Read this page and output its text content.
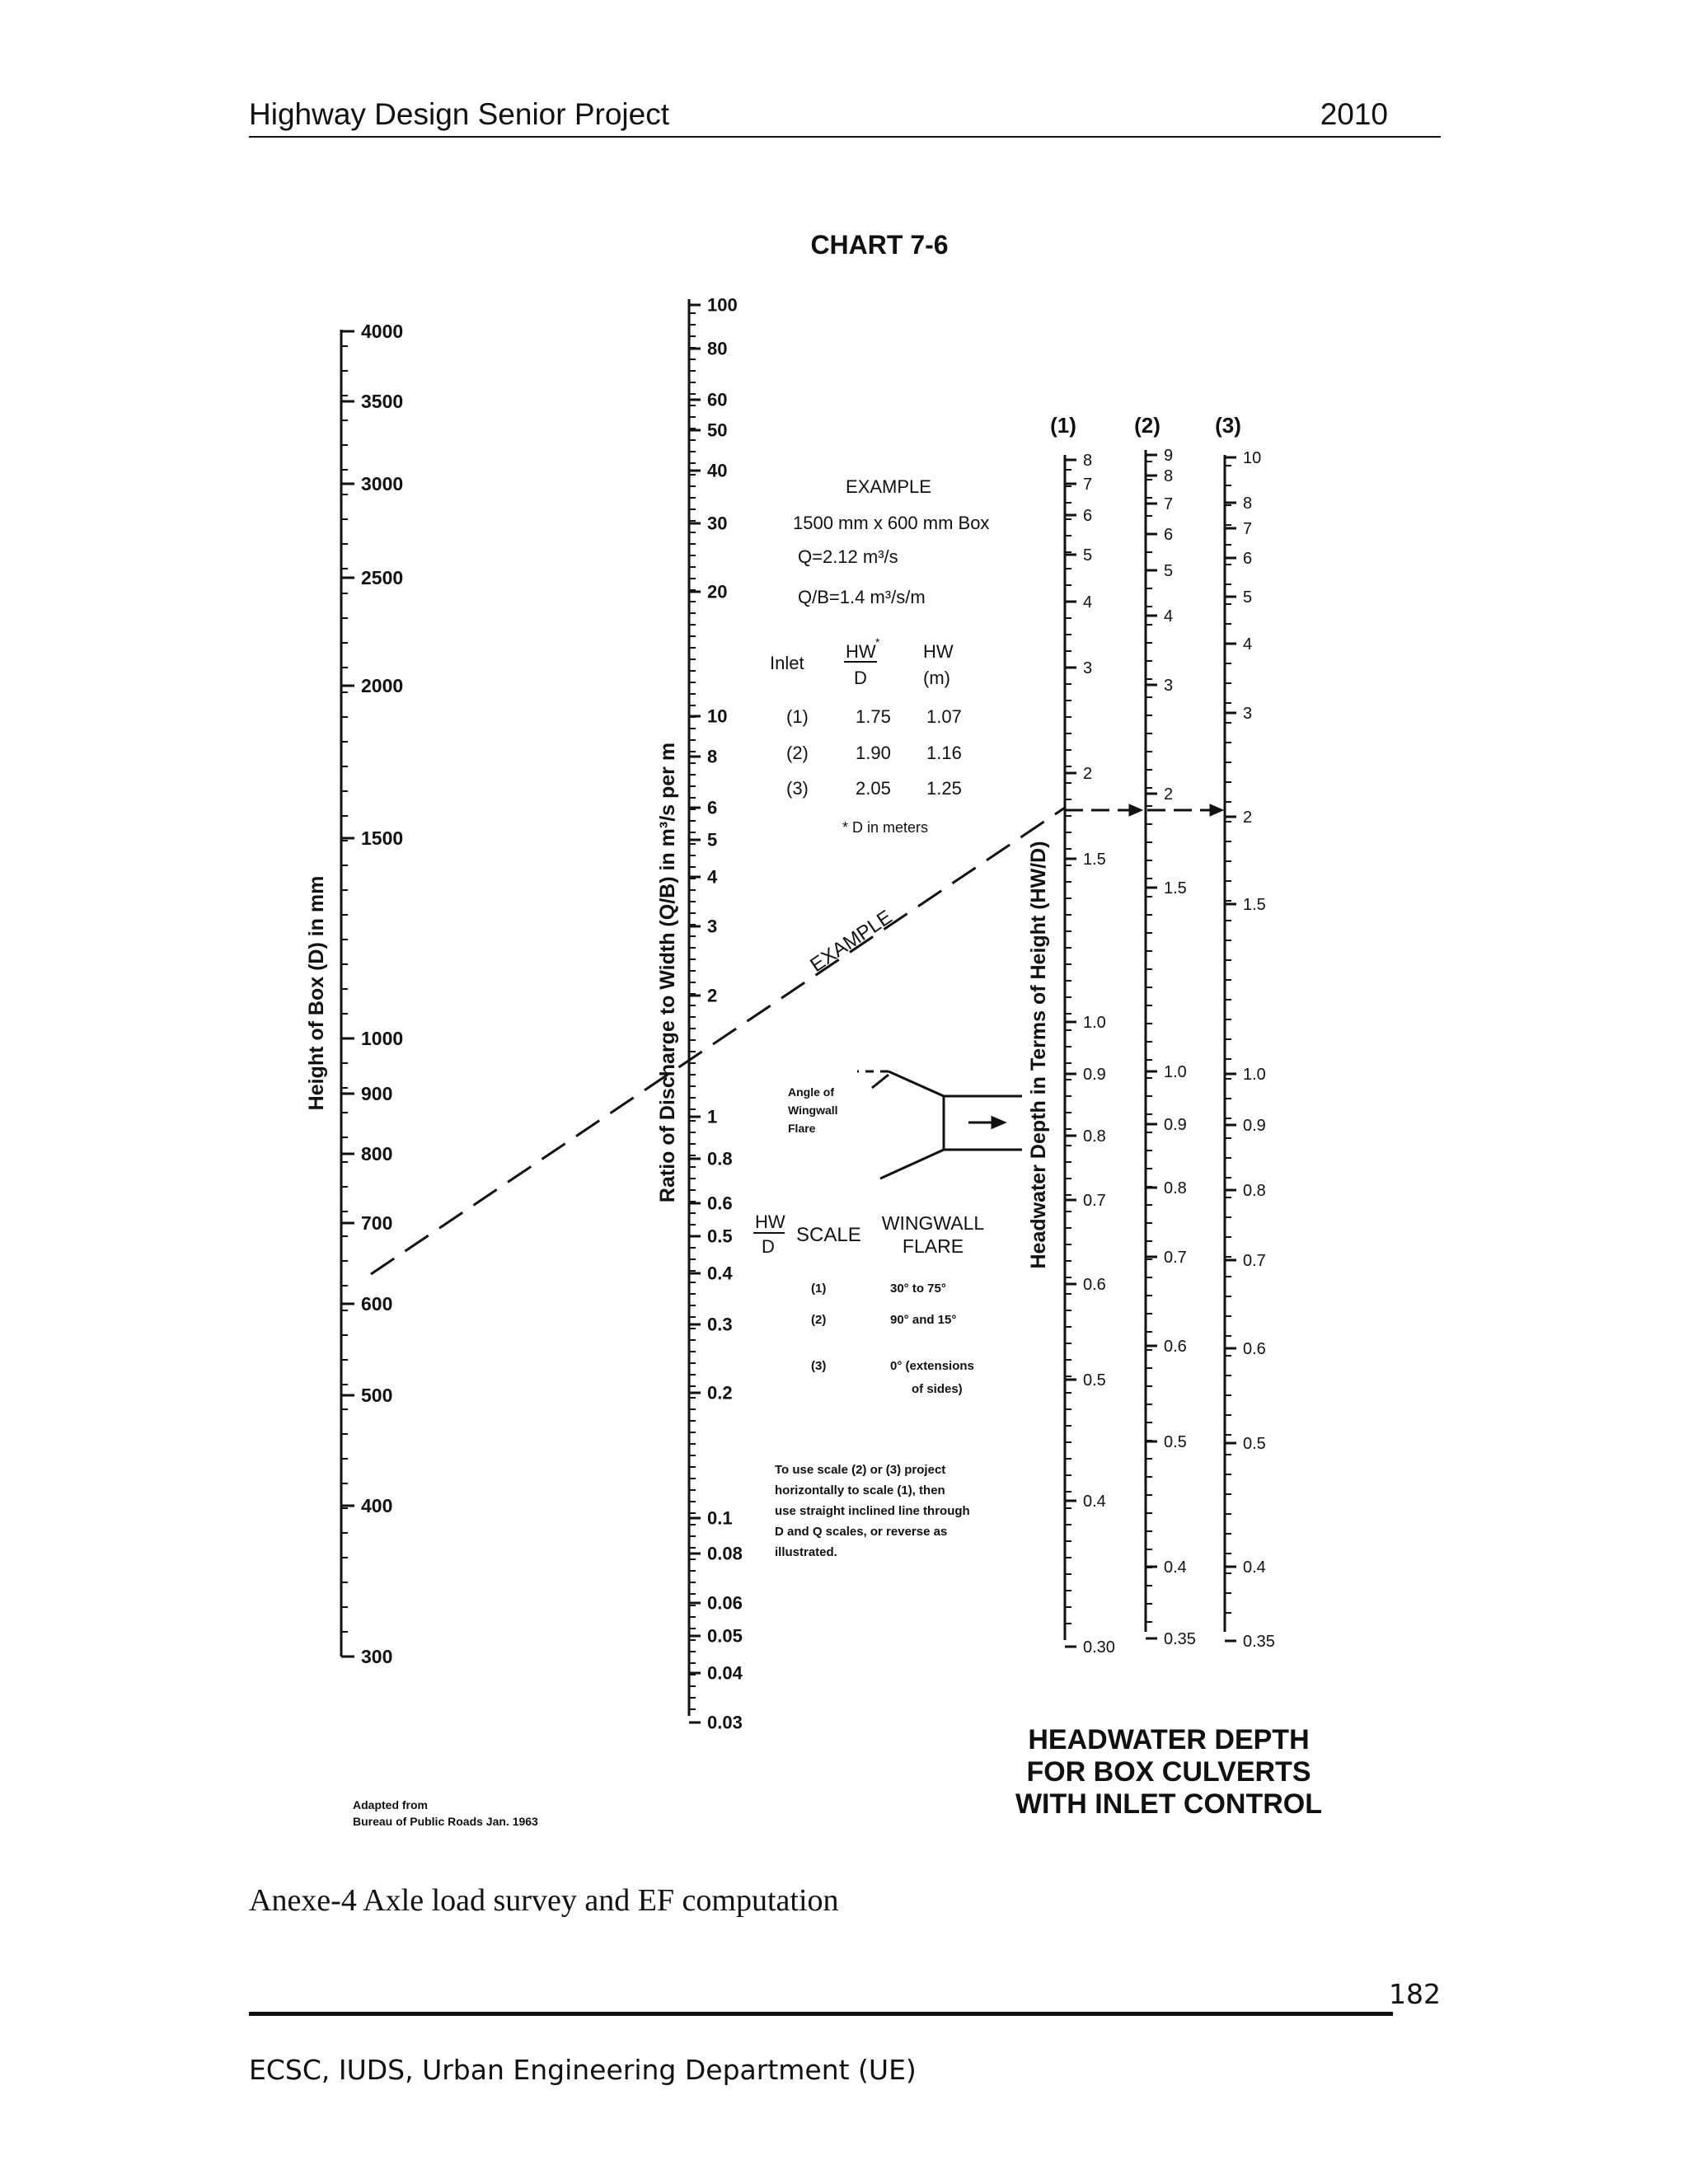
Highway Design Senior Project	2010
CHART 7-6
Height of Box (D) in mm	Ratio of Discharge to Width (Q/B) in m³/s per m	Headwater Depth in Terms of Height (HW/D)
(1)	(2)	(3)
4000
3500
3000
2500
2000
1500
1000
900
800
700
600
500
400
300
100
80
60
50
40
30
20
10
8
6
5
4
3
2
1
0.8
0.6
0.5
0.4
0.3
0.2
0.1
0.08
0.06
0.05
0.04
0.03
8
7
6
5
4
3
2
1.5
1.0
0.9
0.8
0.7
0.6
0.5
0.4
0.30
9
8
7
6
5
4
3
2
1.5
1.0
0.9
0.8
0.7
0.6
0.5
0.4
0.35
10
8
7
6
5
4
3
2
1.5
1.0
0.9
0.8
0.7
0.6
0.5
0.4
0.35
EXAMPLE
1500 mm x 600 mm Box
Q=2.12 m³/s
Q/B=1.4 m³/s/m
Inlet
HW *
D
HW
(m)
(1)	1.75 1.07
(2)	1.90 1.16
(3)	2.05 1.25
* D in meters
EXAMPLE
Angle of
Wingwall
Flare
HW
D
SCALE
WINGWALL
FLARE
(1)	30° to 75°
(2)	90° and 15°
(3)	0° (extensions
of sides)
To use scale (2) or (3) project
horizontally to scale (1), then
use straight inclined line through
D and Q scales, or reverse as
illustrated.
Adapted from
Bureau of Public Roads Jan. 1963
HEADWATER DEPTH
FOR BOX CULVERTS
WITH INLET CONTROL
Anexe-4 Axle load survey and EF computation
182
ECSC, IUDS, Urban Engineering Department (UE)
